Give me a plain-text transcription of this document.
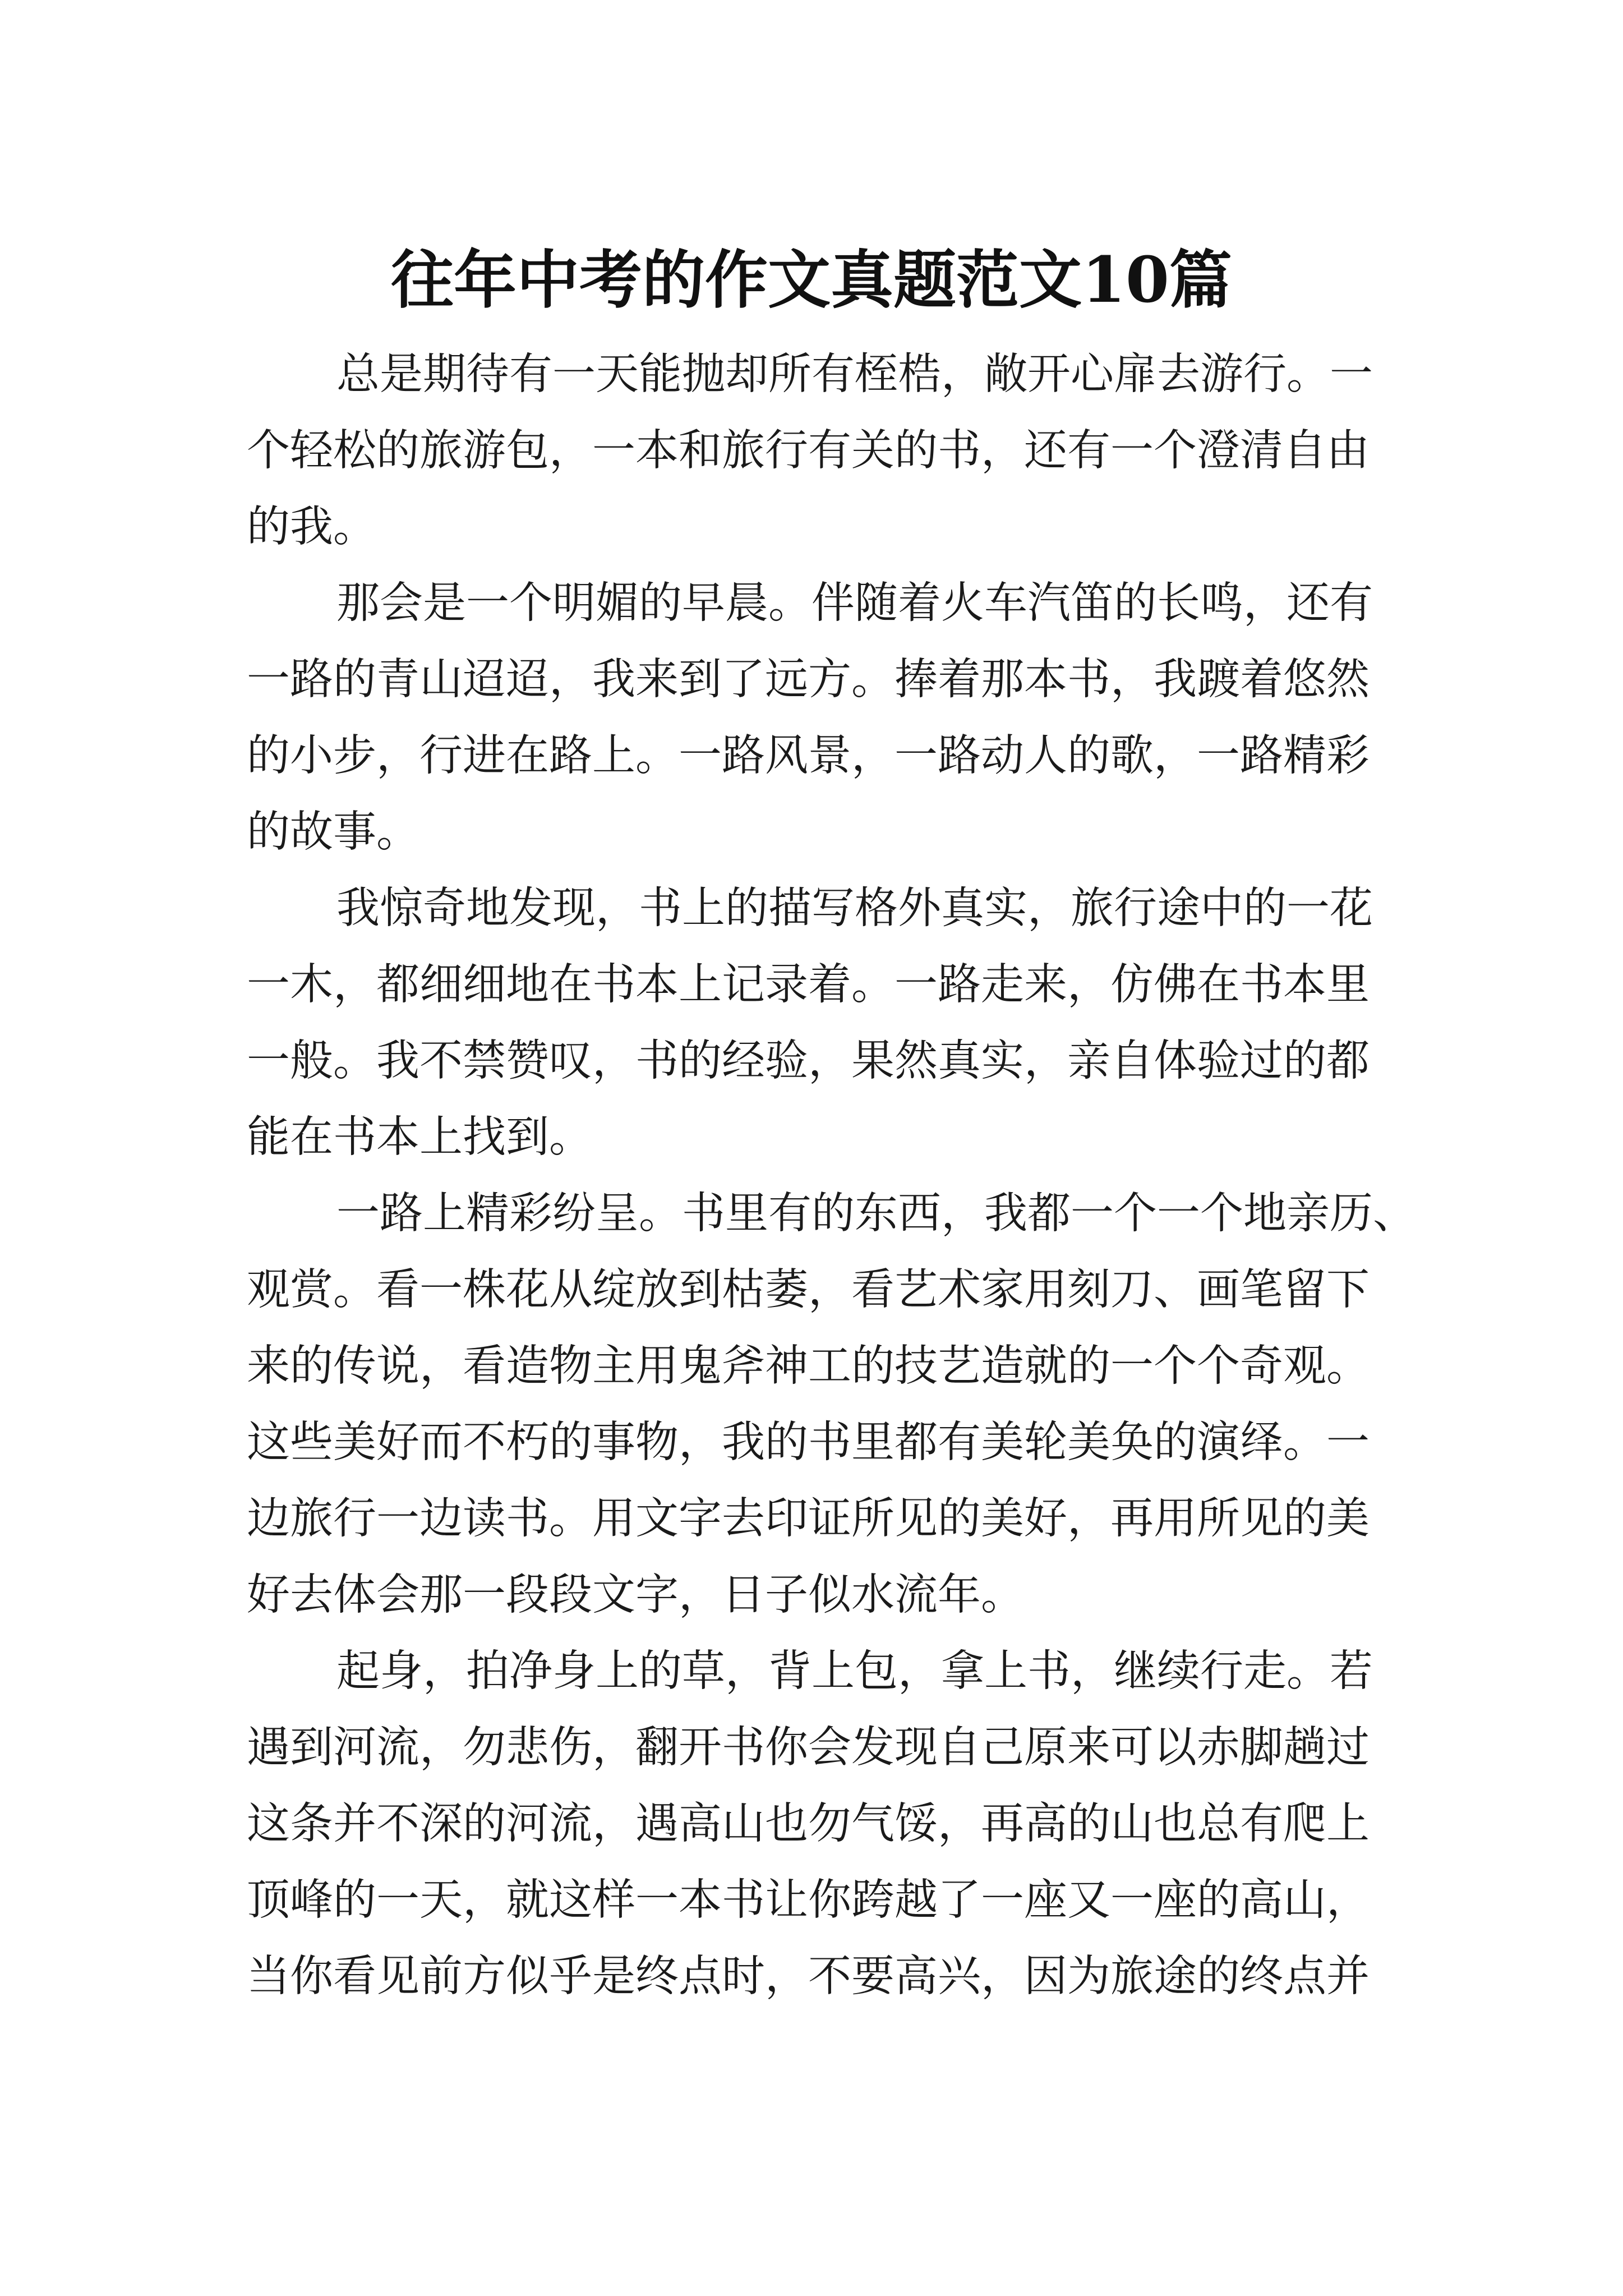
往年中考的作文真题范文10篇
总是期待有一天能抛却所有桎梏，敞开心扉去游行。一
个轻松的旅游包，一本和旅行有关的书，还有一个澄清自由
的我。
那会是一个明媚的早晨。伴随着火车汽笛的长鸣，还有
一路的青山迢迢，我来到了远方。捧着那本书，我踱着悠然
的小步，行进在路上。一路风景，一路动人的歌，一路精彩
的故事。
我惊奇地发现，书上的描写格外真实，旅行途中的一花
一木，都细细地在书本上记录着。一路走来，仿佛在书本里
一般。我不禁赞叹，书的经验，果然真实，亲自体验过的都
能在书本上找到。
一路上精彩纷呈。书里有的东西，我都一个一个地亲历、
观赏。看一株花从绽放到枯萎，看艺术家用刻刀、画笔留下
来的传说，看造物主用鬼斧神工的技艺造就的一个个奇观。
这些美好而不朽的事物，我的书里都有美轮美奂的演绎。一
边旅行一边读书。用文字去印证所见的美好，再用所见的美
好去体会那一段段文字，日子似水流年。
起身，拍净身上的草，背上包，拿上书，继续行走。若
遇到河流，勿悲伤，翻开书你会发现自己原来可以赤脚趟过
这条并不深的河流，遇高山也勿气馁，再高的山也总有爬上
顶峰的一天，就这样一本书让你跨越了一座又一座的高山，
当你看见前方似乎是终点时，不要高兴，因为旅途的终点并
